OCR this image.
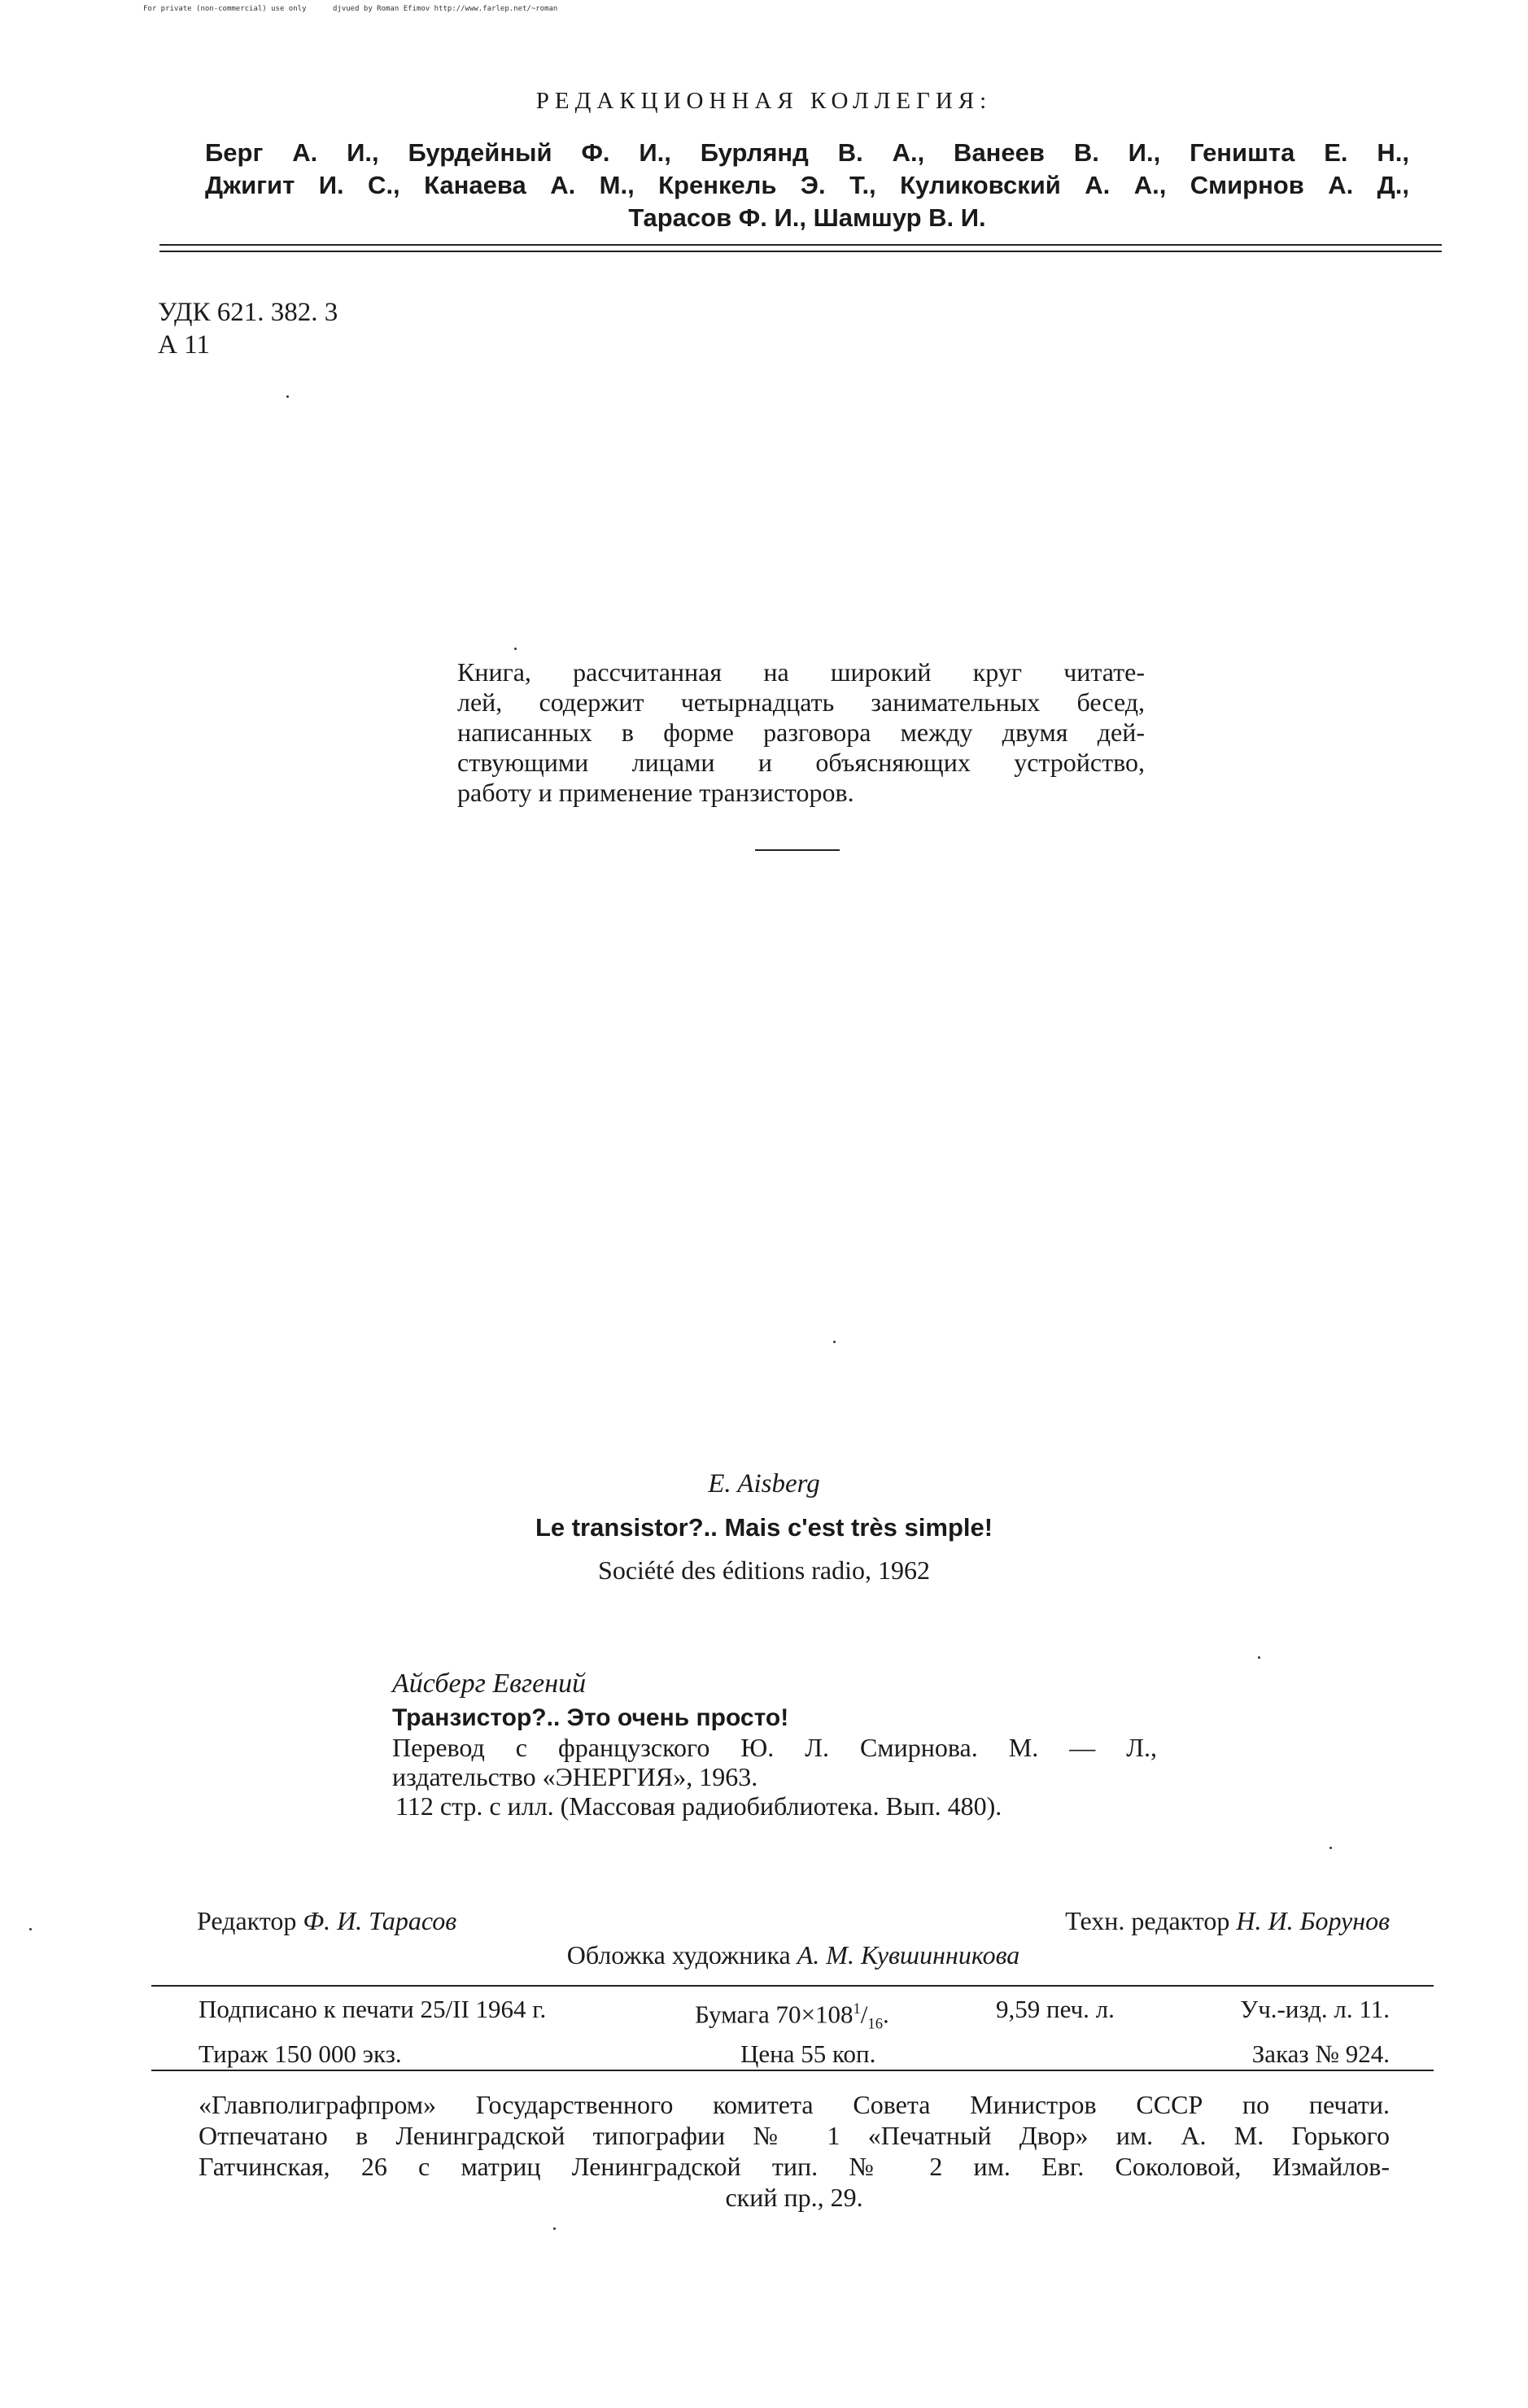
For private (non-commercial) use only      djvued by Roman Efimov http://www.farlep.net/~roman
РЕДАКЦИОННАЯ КОЛЛЕГИЯ:
Берг А. И., Бурдейный Ф. И., Бурлянд В. А., Ванеев В. И., Геништа Е. Н.,
Джигит И. С., Канаева А. М., Кренкель Э. Т., Куликовский А. А., Смирнов А. Д.,
Тарасов Ф. И., Шамшур В. И.
УДК 621. 382. 3
А 11
Книга, рассчитанная на широкий круг читате-
лей, содержит четырнадцать занимательных бесед,
написанных в форме разговора между двумя дей-
ствующими лицами и объясняющих устройство,
работу и применение транзисторов.
E. Aisberg
Le transistor?.. Mais c'est très simple!
Société des éditions radio, 1962
Айсберг Евгений
Транзистор?.. Это очень просто!
Перевод с французского Ю. Л. Смирнова. М. — Л.,
издательство «ЭНЕРГИЯ», 1963.
112 стр. с илл. (Массовая радиобиблиотека. Вып. 480).
Редактор Ф. И. Тарасов	Техн. редактор Н. И. Борунов
Обложка художника А. М. Кувшинникова
Подписано к печати 25/II 1964 г.	Бумага $70\times 108^1/_{16}$.	9,59 печ. л.	Уч.-изд. л. 11.
Тираж 150 000 экз.	Цена 55 коп.	Заказ № 924.
«Главполиграфпром» Государственного комитета Совета Министров СССР по печати.
Отпечатано в Ленинградской типографии № 1 «Печатный Двор» им. А. М. Горького
Гатчинская, 26 с матриц Ленинградской тип. № 2 им. Евг. Соколовой, Измайлов-
ский пр., 29.
